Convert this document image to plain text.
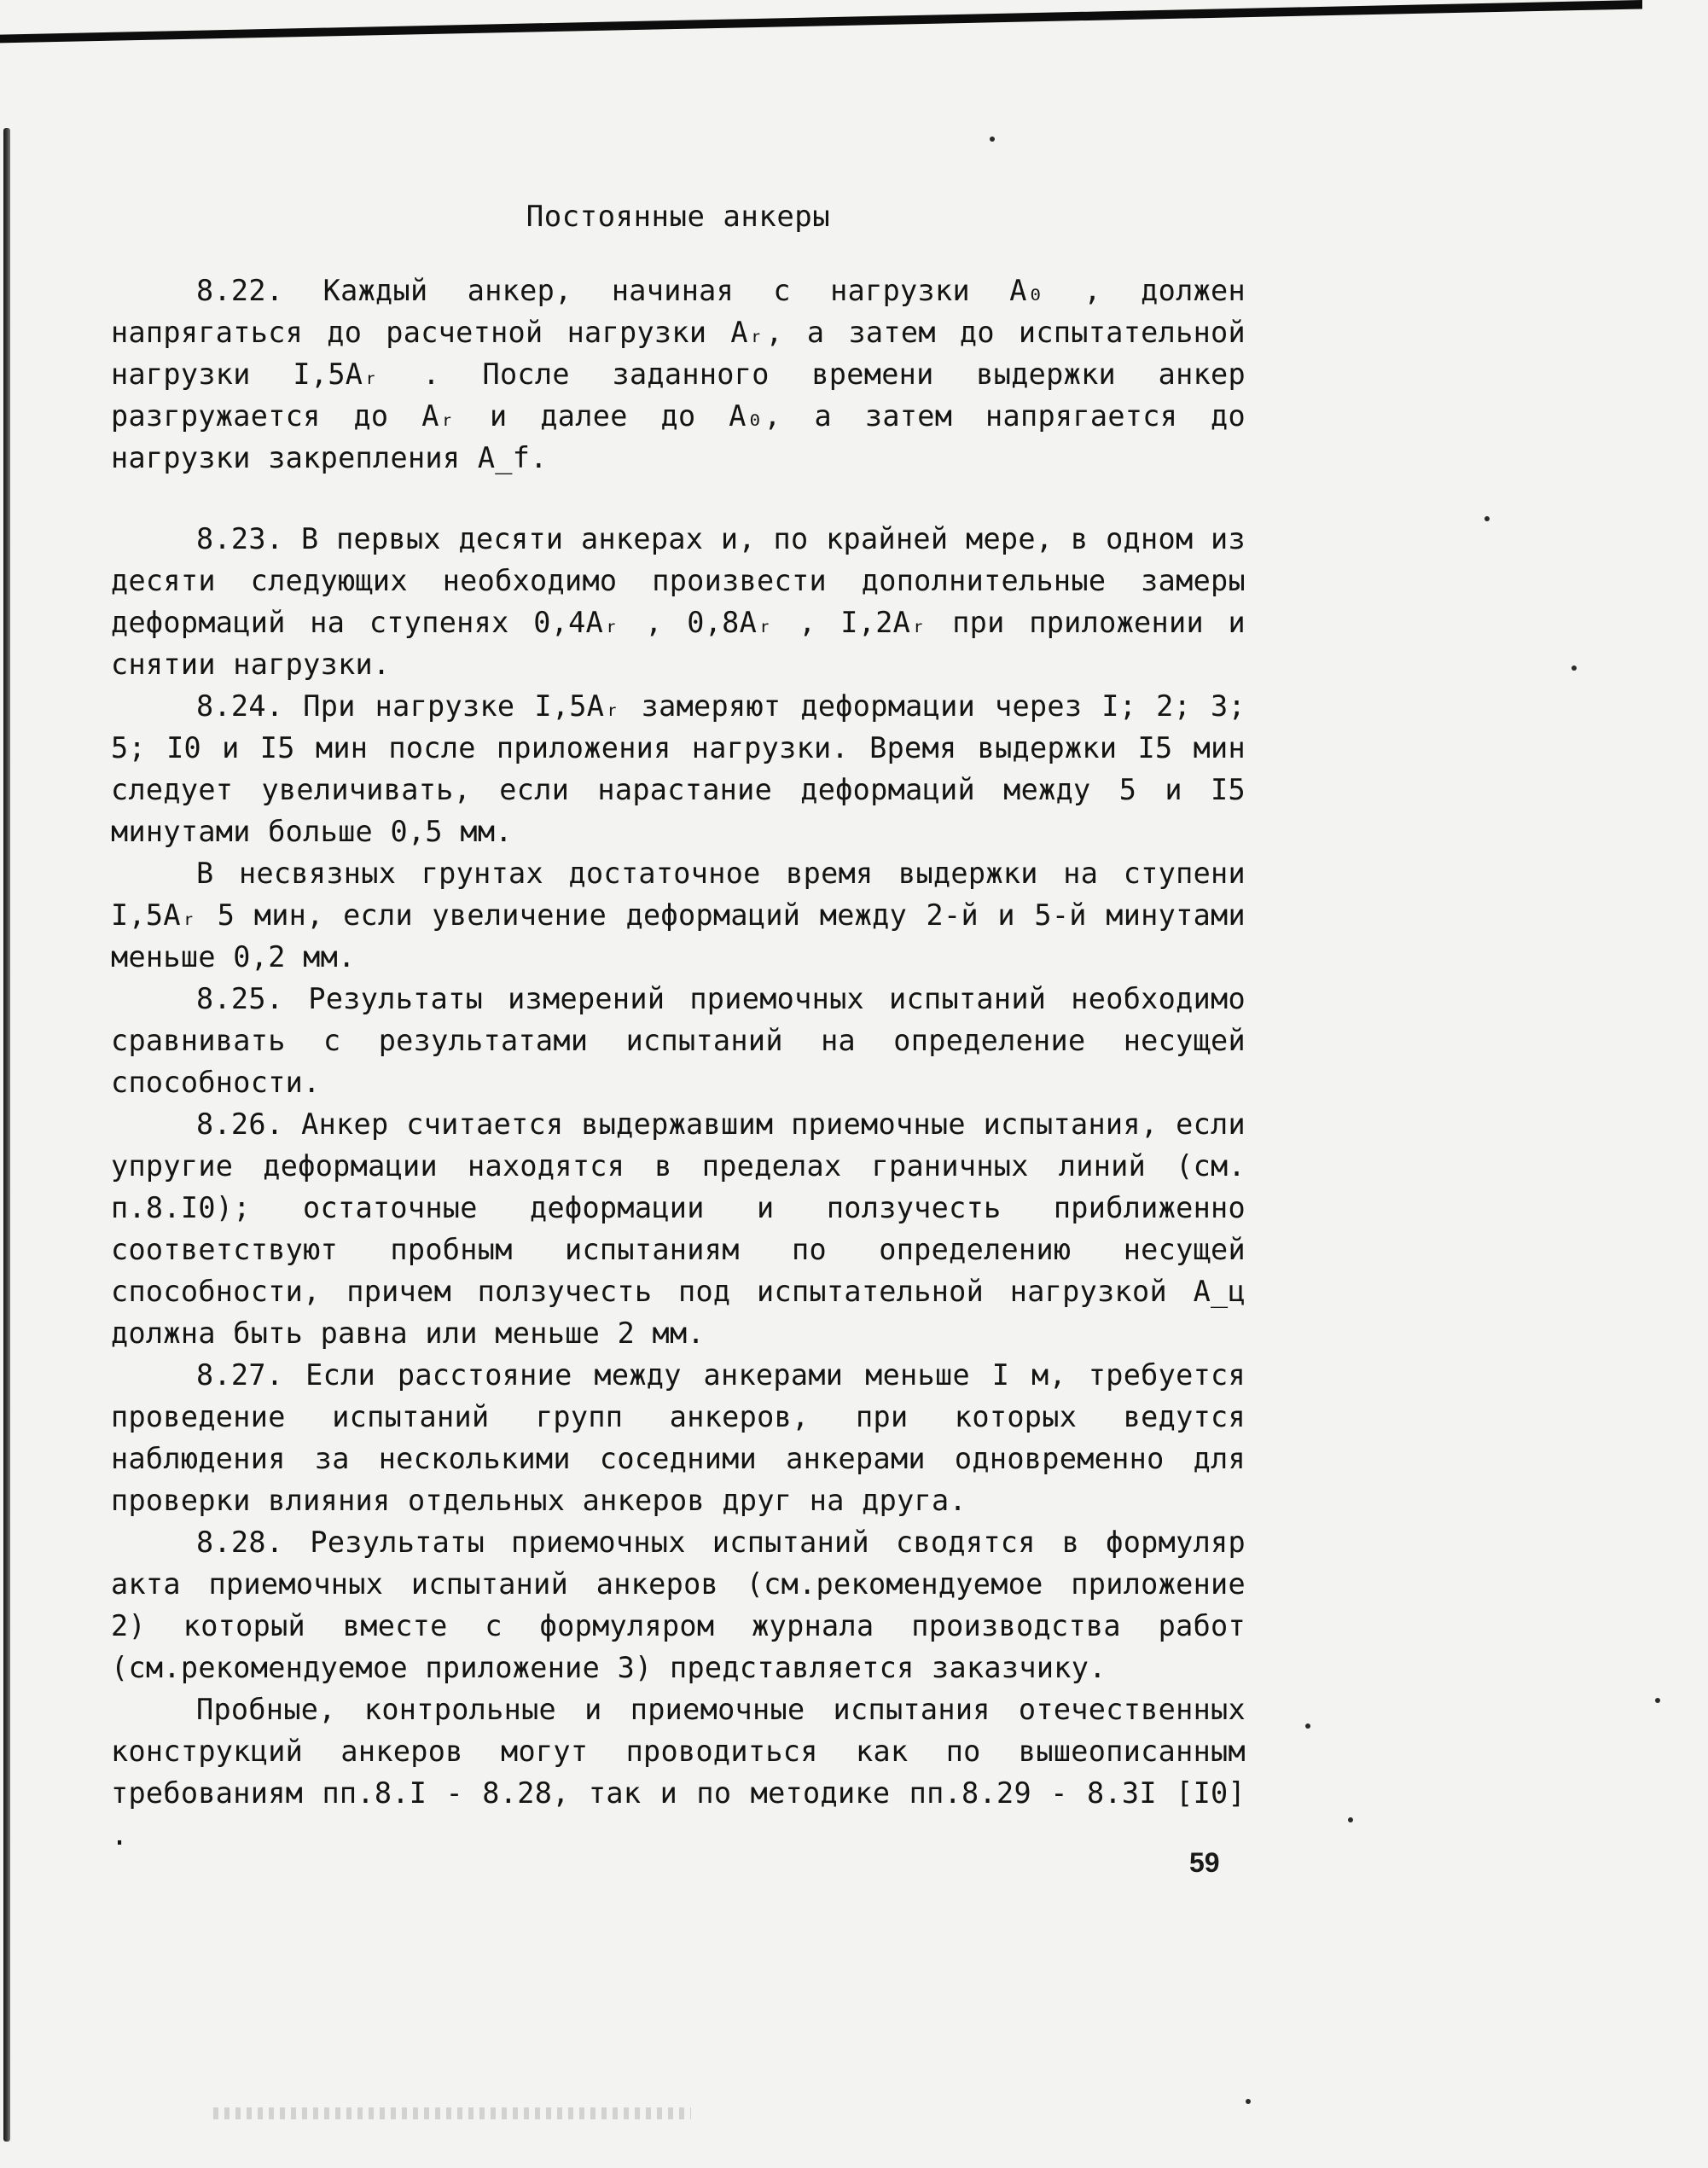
Постоянные анкеры

8.22. Каждый анкер, начиная с нагрузки A₀ , должен напрягаться до расчетной нагрузки Aᵣ, а затем до испытательной нагрузки I,5Aᵣ . После заданного времени выдержки анкер разгружается до Aᵣ и далее до A₀, а затем напрягается до нагрузки закрепления A_f.

8.23. В первых десяти анкерах и, по крайней мере, в одном из десяти следующих необходимо произвести дополнительные замеры деформаций на ступенях 0,4Aᵣ , 0,8Aᵣ , I,2Aᵣ при приложении и снятии нагрузки.

8.24. При нагрузке I,5Aᵣ замеряют деформации через I; 2; 3; 5; I0 и I5 мин после приложения нагрузки. Время выдержки I5 мин следует увеличивать, если нарастание деформаций между 5 и I5 минутами больше 0,5 мм.

В несвязных грунтах достаточное время выдержки на ступени I,5Aᵣ 5 мин, если увеличение деформаций между 2-й и 5-й минутами меньше 0,2 мм.

8.25. Результаты измерений приемочных испытаний необходимо сравнивать с результатами испытаний на определение несущей способности.

8.26. Анкер считается выдержавшим приемочные испытания, если упругие деформации находятся в пределах граничных линий (см. п.8.I0); остаточные деформации и ползучесть приближенно соответствуют пробным испытаниям по определению несущей способности, причем ползучесть под испытательной нагрузкой A_ц должна быть равна или меньше 2 мм.

8.27. Если расстояние между анкерами меньше I м, требуется проведение испытаний групп анкеров, при которых ведутся наблюдения за несколькими соседними анкерами одновременно для проверки влияния отдельных анкеров друг на друга.

8.28. Результаты приемочных испытаний сводятся в формуляр акта приемочных испытаний анкеров (см.рекомендуемое приложение 2) который вместе с формуляром журнала производства работ (см.рекомендуемое приложение 3) представляется заказчику.

Пробные, контрольные и приемочные испытания отечественных конструкций анкеров могут проводиться как по вышеописанным требованиям пп.8.I - 8.28, так и по методике пп.8.29 - 8.3I [I0] .

59
